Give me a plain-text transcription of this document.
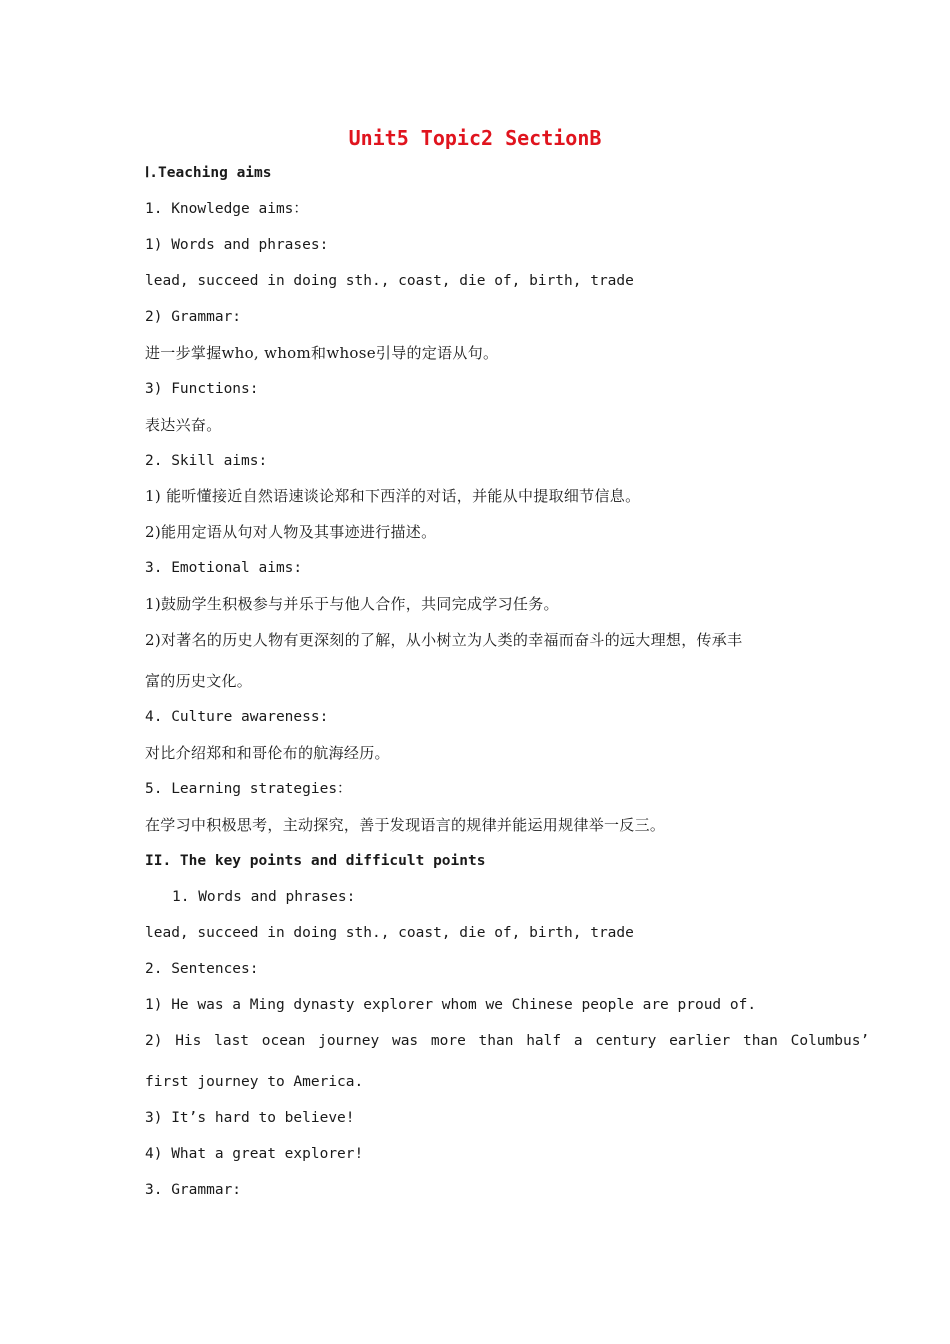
Unit5 Topic2 SectionB
Ⅰ.Teaching aims
1. Knowledge aims：
1) Words and phrases:
lead, succeed in doing sth., coast, die of, birth, trade
2) Grammar:
进一步掌握who, whom和whose引导的定语从句。
3) Functions:
表达兴奋。
2. Skill aims:
1) 能听懂接近自然语速谈论郑和下西洋的对话，并能从中提取细节信息。
2)能用定语从句对人物及其事迹进行描述。
3. Emotional aims:
1)鼓励学生积极参与并乐于与他人合作，共同完成学习任务。
2)对著名的历史人物有更深刻的了解，从小树立为人类的幸福而奋斗的远大理想，传承丰
富的历史文化。
4. Culture awareness:
对比介绍郑和和哥伦布的航海经历。
5. Learning strategies：
在学习中积极思考，主动探究，善于发现语言的规律并能运用规律举一反三。
II. The key points and difficult points
1. Words and phrases:
lead, succeed in doing sth., coast, die of, birth, trade
2. Sentences:
1) He was a Ming dynasty explorer whom we Chinese people are proud of.
2) His last ocean journey was more than half a century earlier than Columbus’
first journey to America.
3) It’s hard to believe!
4) What a great explorer!
3. Grammar:
